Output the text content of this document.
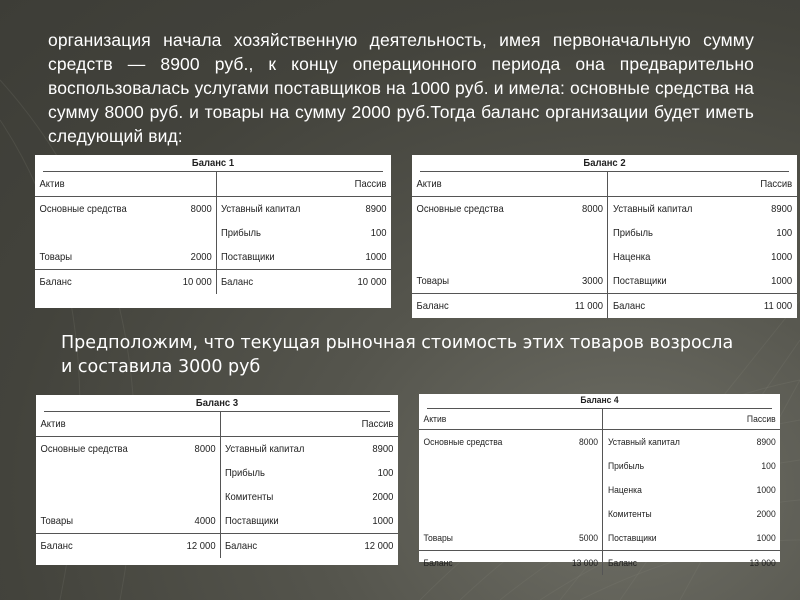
организация начала хозяйственную деятельность, имея первоначальную сумму средств — 8900 руб., к концу операционного периода она предварительно воспользовалась услугами поставщиков на 1000 руб. и имела: основные средства на сумму 8000 руб. и товары на сумму 2000 руб.Тогда баланс организации будет иметь следующий вид:
Предположим, что текущая рыночная стоимость этих товаров возросла и составила 3000 руб
Баланс 1
Актив			Пассив
Основные средства	8000	Уставный капитал	8900
		Прибыль	100
Товары	2000	Поставщики	1000
Баланс	10 000	Баланс	10 000
Баланс 2
Актив			Пассив
Основные средства	8000	Уставный капитал	8900
		Прибыль	100
		Наценка	1000
Товары	3000	Поставщики	1000
Баланс	11 000	Баланс	11 000
Баланс 3
Актив			Пассив
Основные средства	8000	Уставный капитал	8900
		Прибыль	100
		Комитенты	2000
Товары	4000	Поставщики	1000
Баланс	12 000	Баланс	12 000
Баланс 4
Актив			Пассив
Основные средства	8000	Уставный капитал	8900
		Прибыль	100
		Наценка	1000
		Комитенты	2000
Товары	5000	Поставщики	1000
Баланс	13 000	Баланс	13 000
